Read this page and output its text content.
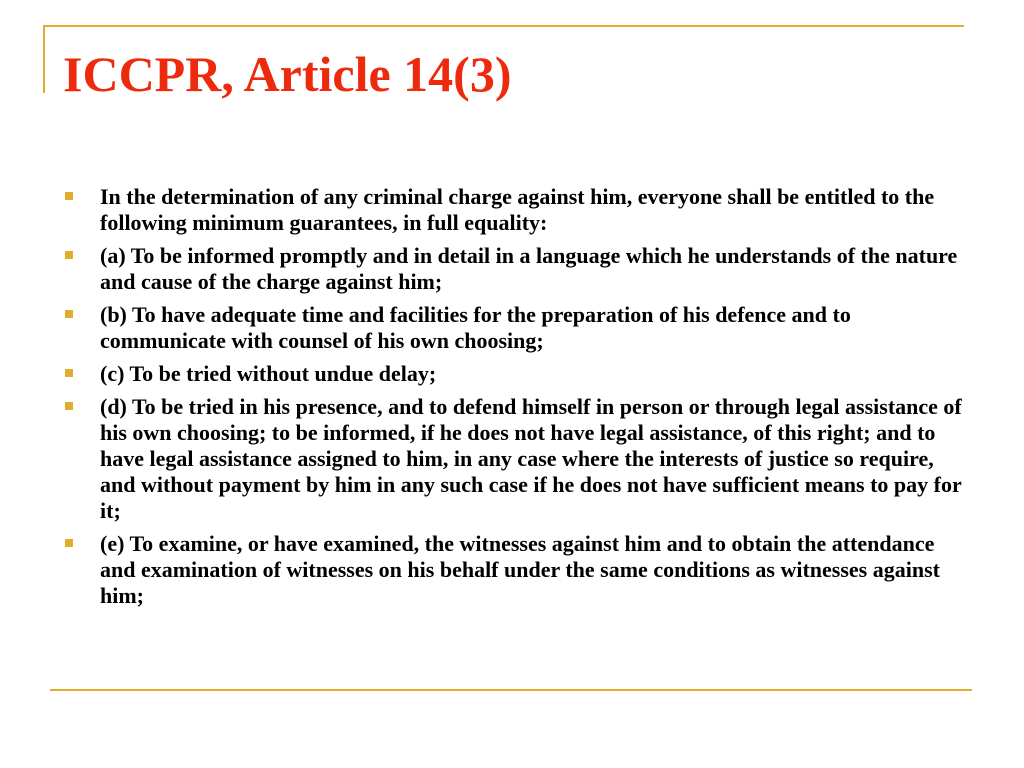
ICCPR, Article 14(3)
In the determination of any criminal charge against him, everyone shall be entitled to the following minimum guarantees, in full equality:
(a) To be informed promptly and in detail in a language which he understands of the nature and cause of the charge against him;
(b) To have adequate time and facilities for the preparation of his defence and to communicate with counsel of his own choosing;
(c) To be tried without undue delay;
(d) To be tried in his presence, and to defend himself in person or through legal assistance of his own choosing; to be informed, if he does not have legal assistance, of this right; and to have legal assistance assigned to him, in any case where the interests of justice so require, and without payment by him in any such case if he does not have sufficient means to pay for it;
(e) To examine, or have examined, the witnesses against him and to obtain the attendance and examination of witnesses on his behalf under the same conditions as witnesses against him;
